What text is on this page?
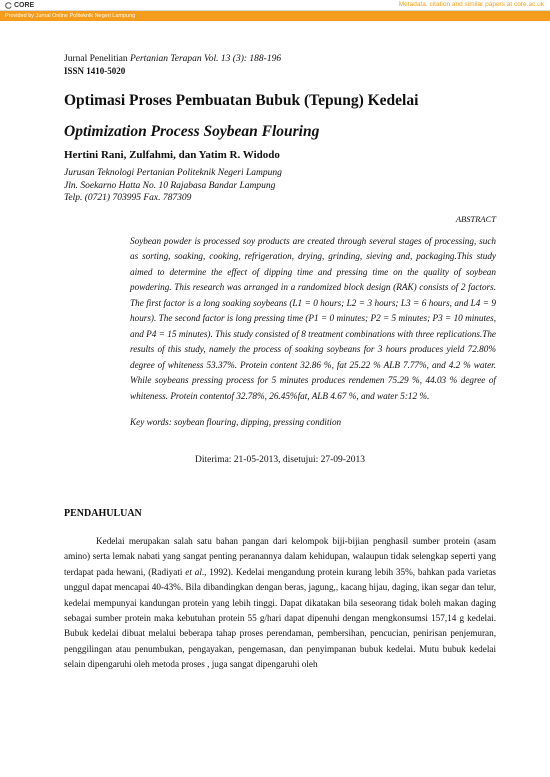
CORE	Metadata, citation and similar papers at core.ac.uk
Provided by Jurnal Online Politeknik Negeri Lampung
Jurnal Penelitian Pertanian Terapan Vol. 13 (3): 188-196
ISSN 1410-5020
Optimasi Proses Pembuatan Bubuk (Tepung) Kedelai
Optimization Process Soybean Flouring
Hertini Rani, Zulfahmi, dan Yatim R. Widodo
Jurusan Teknologi Pertanian Politeknik Negeri Lampung
Jln. Soekarno Hatta No. 10 Rajabasa Bandar Lampung
Telp. (0721) 703995 Fax. 787309
ABSTRACT
Soybean powder is processed soy products are created through several stages of processing, such as sorting, soaking, cooking, refrigeration, drying, grinding, sieving and, packaging.This study aimed to determine the effect of dipping time and pressing time on the quality of soybean powdering. This research was arranged in a randomized block design (RAK) consists of 2 factors. The first factor is a long soaking soybeans (L1 = 0 hours; L2 = 3 hours; L3 = 6 hours, and L4 = 9 hours). The second factor is long pressing time (P1 = 0 minutes; P2 = 5 minutes; P3 = 10 minutes, and P4 = 15 minutes). This study consisted of 8 treatment combinations with three replications.The results of this study, namely the process of soaking soybeans for 3 hours produces yield 72.80% degree of whiteness 53.37%. Protein content 32.86 %, fat 25.22 % ALB 7.77%, and 4.2 % water. While soybeans pressing process for 5 minutes produces rendemen 75.29 %, 44.03 % degree of whiteness. Protein contentof 32.78%, 26.45%fat, ALB 4.67 %, and water 5:12 %.
Key words: soybean flouring, dipping, pressing condition
Diterima: 21-05-2013, disetujui: 27-09-2013
PENDAHULUAN
Kedelai merupakan salah satu bahan pangan dari kelompok biji-bijian penghasil sumber protein (asam amino) serta lemak nabati yang sangat penting peranannya dalam kehidupan, walaupun tidak selengkap seperti yang terdapat pada hewani, (Radiyati et al., 1992). Kedelai mengandung protein kurang lebih 35%, bahkan pada varietas unggul dapat mencapai 40-43%. Bila dibandingkan dengan beras, jagung,, kacang hijau, daging, ikan segar dan telur, kedelai mempunyai kandungan protein yang lebih tinggi. Dapat dikatakan bila seseorang tidak boleh makan daging sebagai sumber protein maka kebutuhan protein 55 g/hari dapat dipenuhi dengan mengkonsumsi 157,14 g kedelai. Bubuk kedelai dibuat melalui beberapa tahap proses perendaman, pembersihan, pencucian, penirisan penjemuran, penggilingan atau penumbukan, pengayakan, pengemasan, dan penyimpanan bubuk kedelai. Mutu bubuk kedelai selain dipengaruhi oleh metoda proses , juga sangat dipengaruhi oleh
